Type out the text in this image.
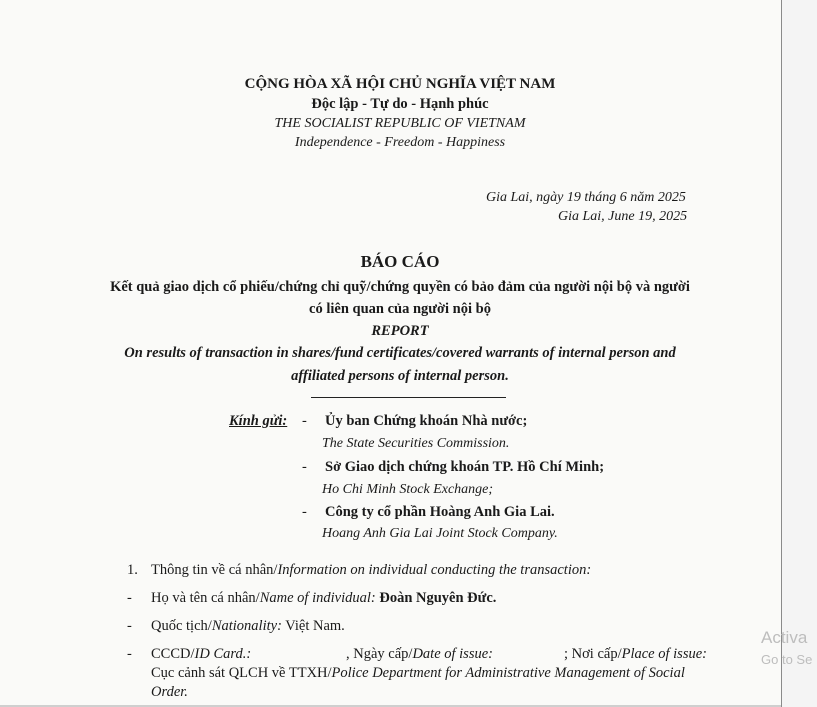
CỘNG HÒA XÃ HỘI CHỦ NGHĨA VIỆT NAM
Độc lập - Tự do - Hạnh phúc
THE SOCIALIST REPUBLIC OF VIETNAM
Independence - Freedom - Happiness
Gia Lai, ngày 19 tháng 6 năm 2025
Gia Lai, June 19, 2025
BÁO CÁO
Kết quả giao dịch cổ phiếu/chứng chỉ quỹ/chứng quyền có bảo đảm của người nội bộ và người
có liên quan của người nội bộ
REPORT
On results of transaction in shares/fund certificates/covered warrants of internal person and
affiliated persons of internal person.
Kính gửi: - Ủy ban Chứng khoán Nhà nước;
The State Securities Commission.
- Sở Giao dịch chứng khoán TP. Hồ Chí Minh;
Ho Chi Minh Stock Exchange;
- Công ty cổ phần Hoàng Anh Gia Lai.
Hoang Anh Gia Lai Joint Stock Company.
1. Thông tin về cá nhân/Information on individual conducting the transaction:
- Họ và tên cá nhân/Name of individual: Đoàn Nguyên Đức.
- Quốc tịch/Nationality: Việt Nam.
- CCCD/ID Card.:	, Ngày cấp/Date of issue:	; Nơi cấp/Place of issue:
Cục cảnh sát QLCH về TTXH/Police Department for Administrative Management of Social
Order.
Activa
Go to Se
